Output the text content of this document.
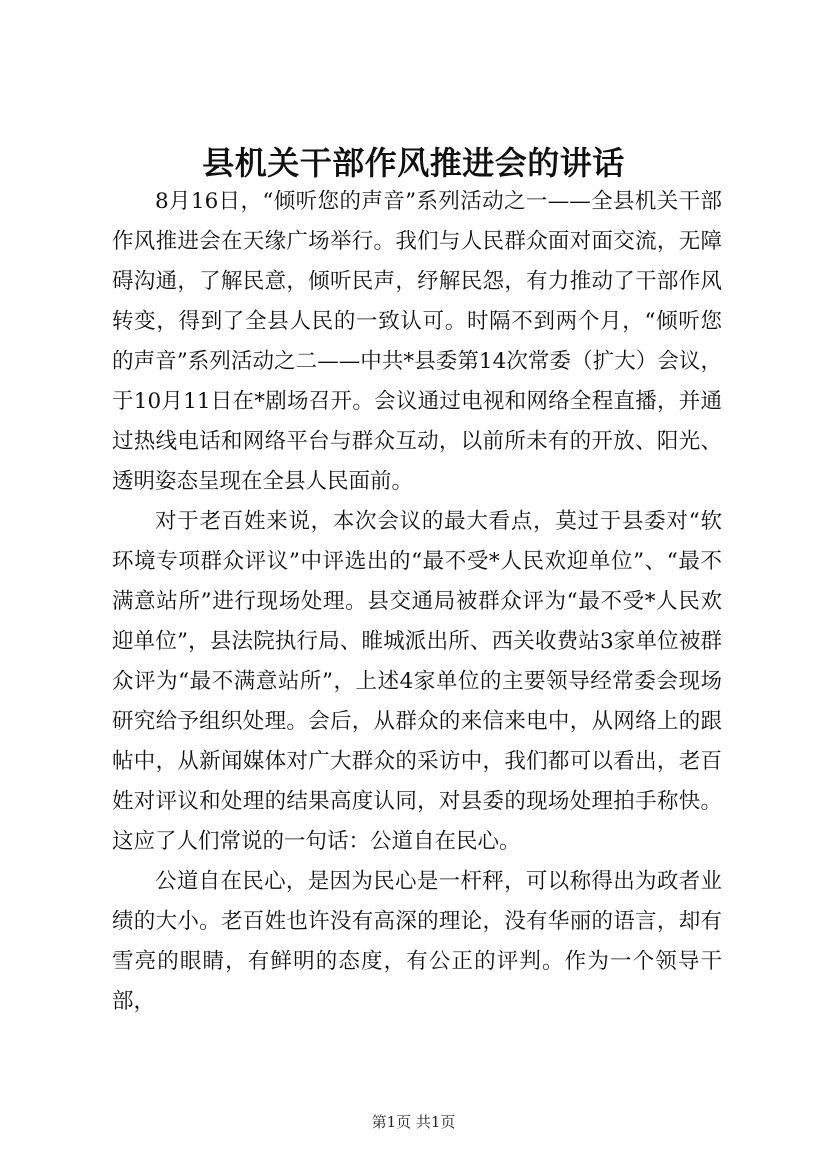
县机关干部作风推进会的讲话

8月16日，“倾听您的声音”系列活动之一——全县机关干部作风推进会在天缘广场举行。我们与人民群众面对面交流，无障碍沟通，了解民意，倾听民声，纾解民怨，有力推动了干部作风转变，得到了全县人民的一致认可。时隔不到两个月，“倾听您的声音”系列活动之二——中共*县委第14次常委（扩大）会议，于10月11日在*剧场召开。会议通过电视和网络全程直播，并通过热线电话和网络平台与群众互动，以前所未有的开放、阳光、透明姿态呈现在全县人民面前。

对于老百姓来说，本次会议的最大看点，莫过于县委对“软环境专项群众评议”中评选出的“最不受*人民欢迎单位”、“最不满意站所”进行现场处理。县交通局被群众评为“最不受*人民欢迎单位”，县法院执行局、睢城派出所、西关收费站3家单位被群众评为“最不满意站所”，上述4家单位的主要领导经常委会现场研究给予组织处理。会后，从群众的来信来电中，从网络上的跟帖中，从新闻媒体对广大群众的采访中，我们都可以看出，老百姓对评议和处理的结果高度认同，对县委的现场处理拍手称快。这应了人们常说的一句话：公道自在民心。

公道自在民心，是因为民心是一杆秤，可以称得出为政者业绩的大小。老百姓也许没有高深的理论，没有华丽的语言，却有雪亮的眼睛，有鲜明的态度，有公正的评判。作为一个领导干部，

第1页 共1页
